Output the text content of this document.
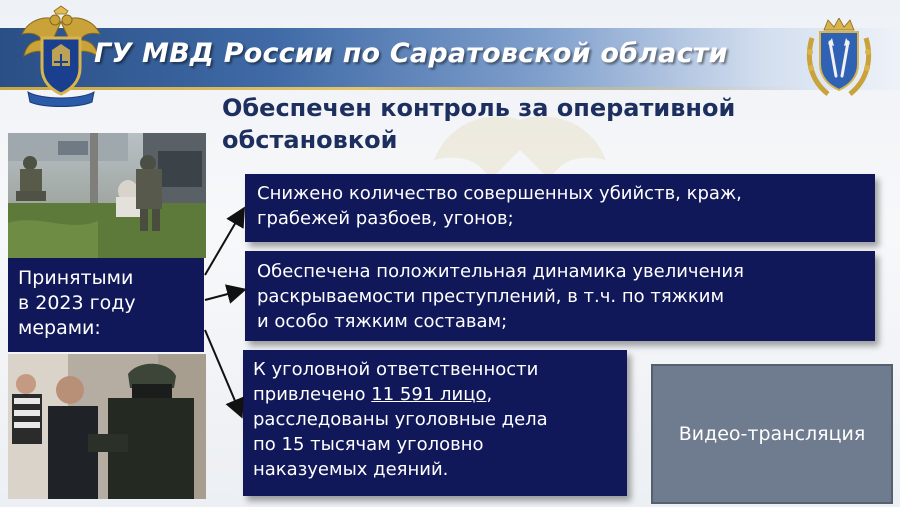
ГУ МВД России по Саратовской области
Обеспечен контроль за оперативной
обстановкой
Принятыми
в 2023 году
мерами:
Снижено количество совершенных убийств, краж,
грабежей разбоев, угонов;
Обеспечена положительная динамика увеличения
раскрываемости преступлений, в т.ч. по тяжким
и особо тяжким составам;
К уголовной ответственности
привлечено 11 591 лицо,
расследованы уголовные дела
по 15 тысячам уголовно
наказуемых деяний.
Видео-трансляция
